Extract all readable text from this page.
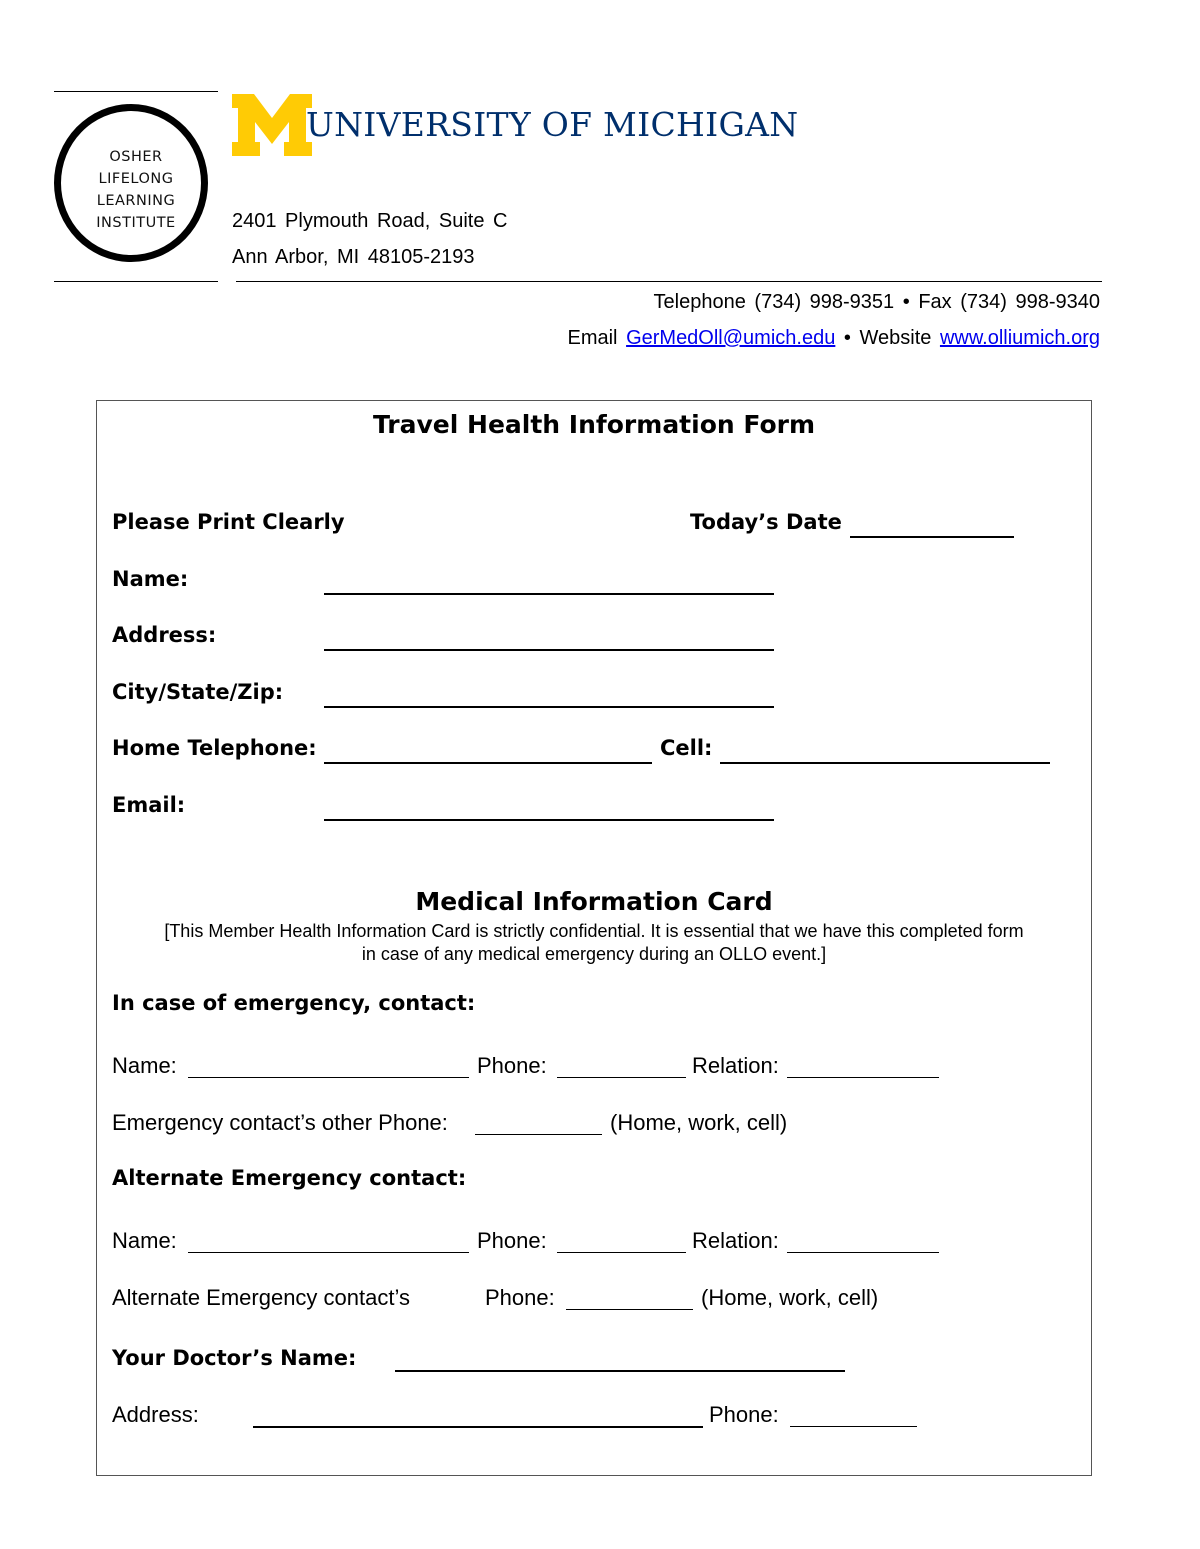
OSHER
LIFELONG
LEARNING
INSTITUTE
UNIVERSITY OF MICHIGAN
2401 Plymouth Road, Suite C
Ann Arbor, MI 48105-2193
Telephone (734) 998-9351 • Fax (734) 998-9340
Email GerMedOll@umich.edu • Website www.olliumich.org
Travel Health Information Form
Please Print Clearly	Today’s Date
Name:
Address:
City/State/Zip:
Home Telephone:	Cell:
Email:
Medical Information Card
[This Member Health Information Card is strictly confidential. It is essential that we have this completed form
in case of any medical emergency during an OLLO event.]
In case of emergency, contact:
Name:	Phone:	Relation:
Emergency contact’s other Phone:	(Home, work, cell)
Alternate Emergency contact:
Name:	Phone:	Relation:
Alternate Emergency contact’s	Phone:	(Home, work, cell)
Your Doctor’s Name:
Address:	Phone:
